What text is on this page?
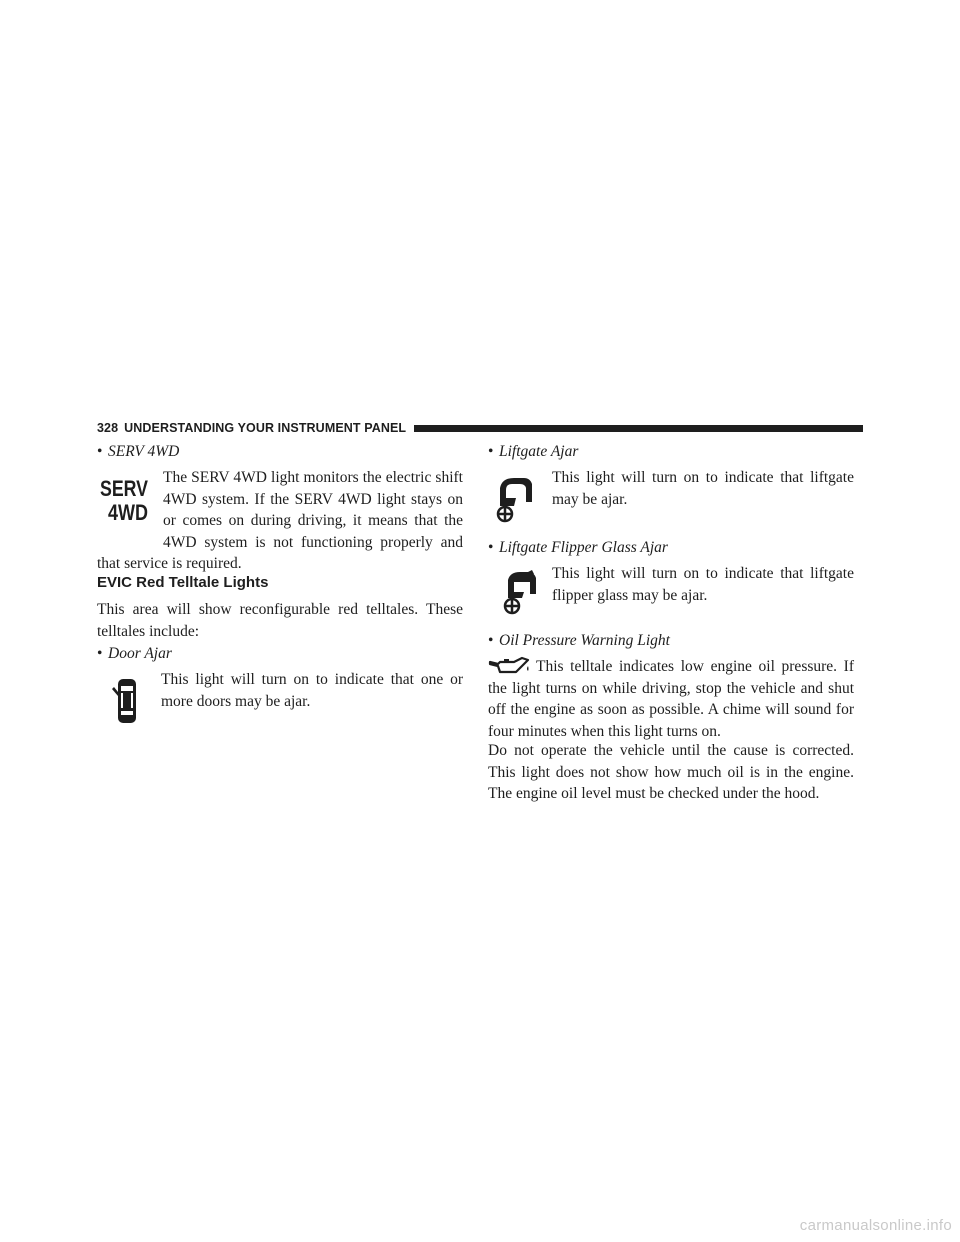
328 UNDERSTANDING YOUR INSTRUMENT PANEL
• SERV 4WD
SERV
4WD
The SERV 4WD light monitors the electric shift 4WD system. If the SERV 4WD light stays on or comes on during driving, it means that the 4WD system is not functioning properly and that service is required.
EVIC Red Telltale Lights
This area will show reconfigurable red telltales. These telltales include:
• Door Ajar
This light will turn on to indicate that one or more doors may be ajar.
• Liftgate Ajar
This light will turn on to indicate that liftgate may be ajar.
• Liftgate Flipper Glass Ajar
This light will turn on to indicate that liftgate flipper glass may be ajar.
• Oil Pressure Warning Light
This telltale indicates low engine oil pressure. If the light turns on while driving, stop the vehicle and shut off the engine as soon as possible. A chime will sound for four minutes when this light turns on.
Do not operate the vehicle until the cause is corrected. This light does not show how much oil is in the engine. The engine oil level must be checked under the hood.
carmanualsonline.info
